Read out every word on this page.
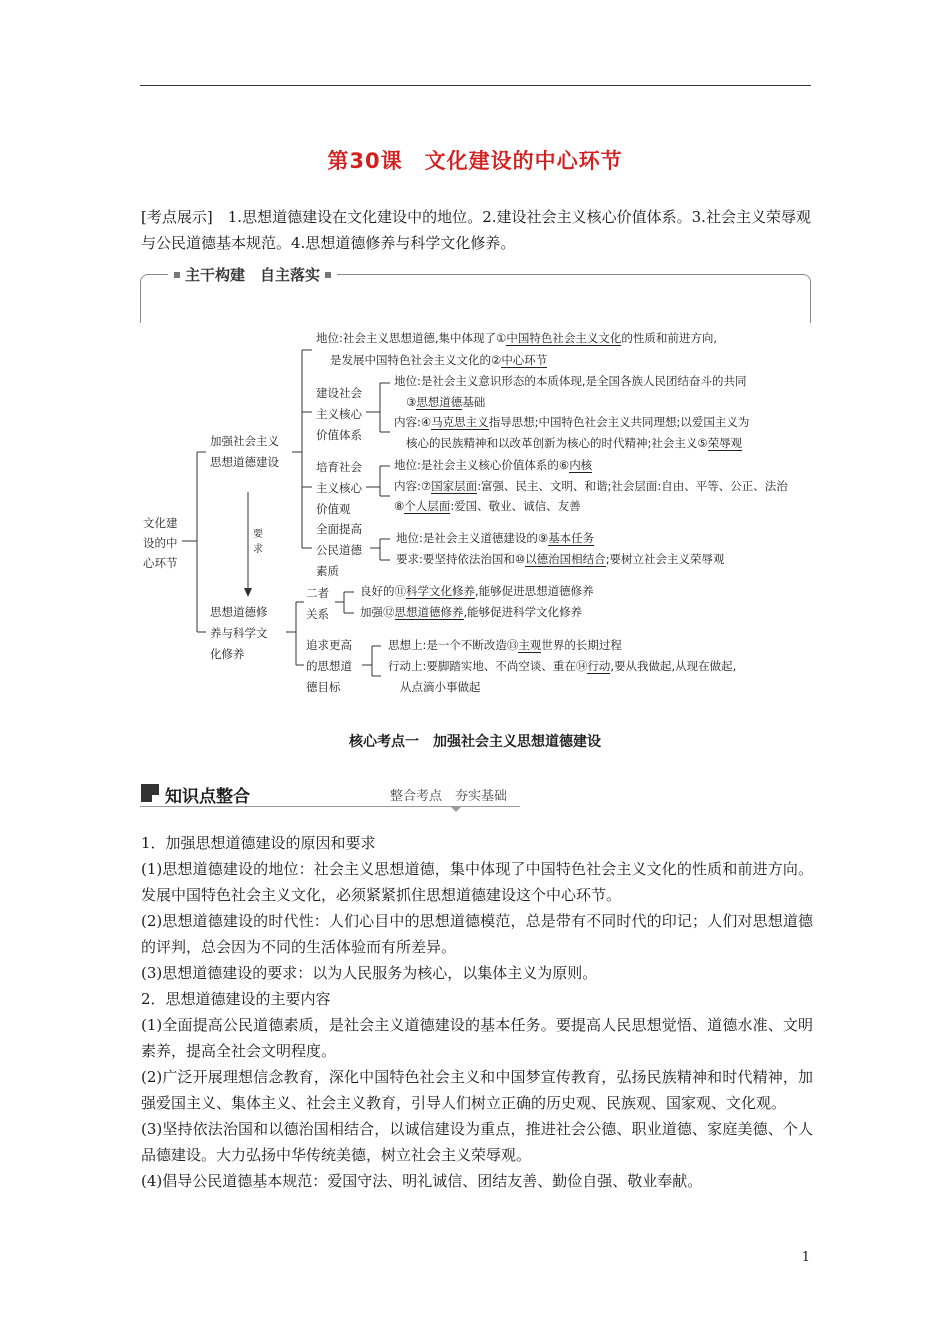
第30课 文化建设的中心环节
[考点展示]　1.思想道德建设在文化建设中的地位。2.建设社会主义核心价值体系。3.社会主义荣辱观与公民道德基本规范。4.思想道德修养与科学文化修养。
主干构建　自主落实
文化建
设的中
心环节
加强社会主义
思想道德建设
要
求
思想道德修
养与科学文
化修养
地位:社会主义思想道德,集中体现了①中国特色社会主义文化的性质和前进方向,
是发展中国特色社会主义文化的②中心环节
建设社会
主义核心
价值体系
地位:是社会主义意识形态的本质体现,是全国各族人民团结奋斗的共同
③思想道德基础
内容:④马克思主义指导思想;中国特色社会主义共同理想;以爱国主义为
核心的民族精神和以改革创新为核心的时代精神;社会主义⑤荣辱观
培育社会
主义核心
价值观
地位:是社会主义核心价值体系的⑥内核
内容:⑦国家层面:富强、民主、文明、和谐;社会层面:自由、平等、公正、法治
⑧个人层面:爱国、敬业、诚信、友善
全面提高
公民道德
素质
地位:是社会主义道德建设的⑨基本任务
要求:要坚持依法治国和⑩以德治国相结合;要树立社会主义荣辱观
二者
关系
良好的⑪科学文化修养,能够促进思想道德修养
加强⑫思想道德修养,能够促进科学文化修养
追求更高
的思想道
德目标
思想上:是一个不断改造⑬主观世界的长期过程
行动上:要脚踏实地、不尚空谈、重在⑭行动,要从我做起,从现在做起,
从点滴小事做起
核心考点一　加强社会主义思想道德建设
知识点整合	整合考点　夯实基础

1．加强思想道德建设的原因和要求

(1)思想道德建设的地位：社会主义思想道德，集中体现了中国特色社会主义文化的性质和前进方向。发展中国特色社会主义文化，必须紧紧抓住思想道德建设这个中心环节。

(2)思想道德建设的时代性：人们心目中的思想道德模范，总是带有不同时代的印记；人们对思想道德的评判，总会因为不同的生活体验而有所差异。

(3)思想道德建设的要求：以为人民服务为核心，以集体主义为原则。

2．思想道德建设的主要内容

(1)全面提高公民道德素质，是社会主义道德建设的基本任务。要提高人民思想觉悟、道德水准、文明素养，提高全社会文明程度。

(2)广泛开展理想信念教育，深化中国特色社会主义和中国梦宣传教育，弘扬民族精神和时代精神，加强爱国主义、集体主义、社会主义教育，引导人们树立正确的历史观、民族观、国家观、文化观。

(3)坚持依法治国和以德治国相结合，以诚信建设为重点，推进社会公德、职业道德、家庭美德、个人品德建设。大力弘扬中华传统美德，树立社会主义荣辱观。

(4)倡导公民道德基本规范：爱国守法、明礼诚信、团结友善、勤俭自强、敬业奉献。

1
